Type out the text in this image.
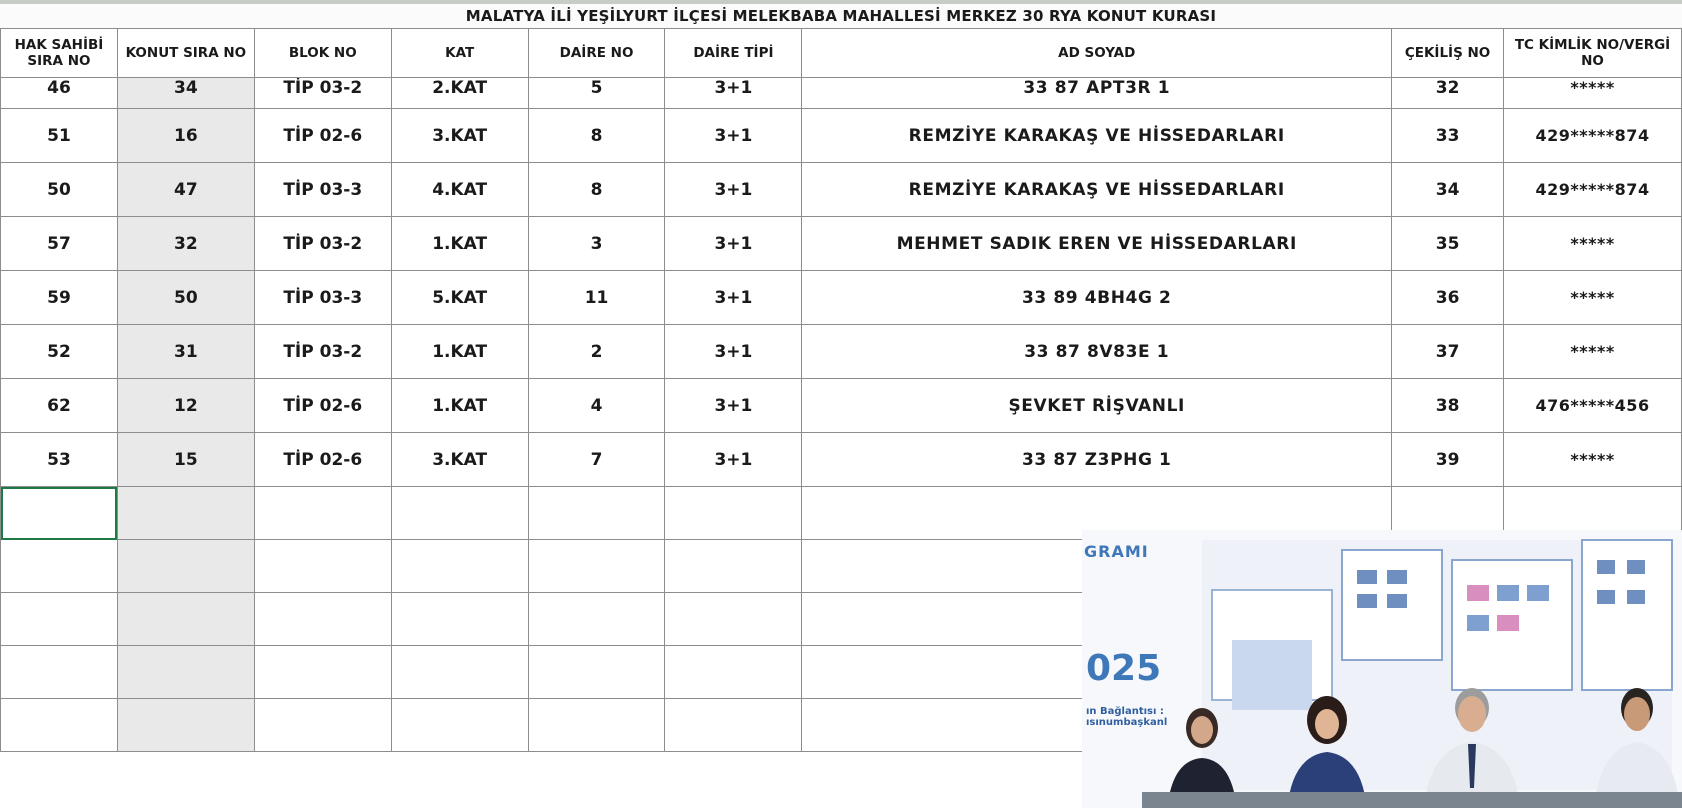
MALATYA İLİ YEŞİLYURT İLÇESİ MELEKBABA MAHALLESİ MERKEZ 30 RYA KONUT KURASI
HAK SAHİBİ SIRA NO	KONUT SIRA NO	BLOK NO	KAT	DAİRE NO	DAİRE TİPİ	AD SOYAD	ÇEKİLİŞ NO	TC KİMLİK NO/VERGİ NO
46	34	TİP 03-2	2.KAT	5	3+1	33 87 APT3R 1	32	*****
51	16	TİP 02-6	3.KAT	8	3+1	REMZİYE KARAKAŞ VE HİSSEDARLARI	33	429*****874
50	47	TİP 03-3	4.KAT	8	3+1	REMZİYE KARAKAŞ VE HİSSEDARLARI	34	429*****874
57	32	TİP 03-2	1.KAT	3	3+1	MEHMET SADIK EREN VE HİSSEDARLARI	35	*****
59	50	TİP 03-3	5.KAT	11	3+1	33 89 4BH4G 2	36	*****
52	31	TİP 03-2	1.KAT	2	3+1	33 87 8V83E 1	37	*****
62	12	TİP 02-6	1.KAT	4	3+1	ŞEVKET RİŞVANLI	38	476*****456
53	15	TİP 02-6	3.KAT	7	3+1	33 87 Z3PHG 1	39	*****

GRAMI
025
ın Bağlantısı :
ısınumbaşkanl
